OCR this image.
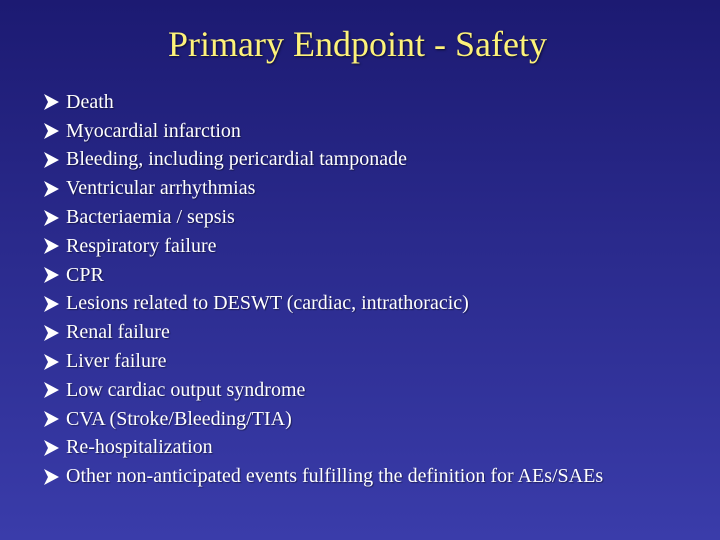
Primary Endpoint - Safety
Death
Myocardial infarction
Bleeding, including pericardial tamponade
Ventricular arrhythmias
Bacteriaemia / sepsis
Respiratory failure
CPR
Lesions related to DESWT (cardiac, intrathoracic)
Renal failure
Liver failure
Low cardiac output syndrome
CVA (Stroke/Bleeding/TIA)
Re-hospitalization
Other non-anticipated events fulfilling the definition for AEs/SAEs
